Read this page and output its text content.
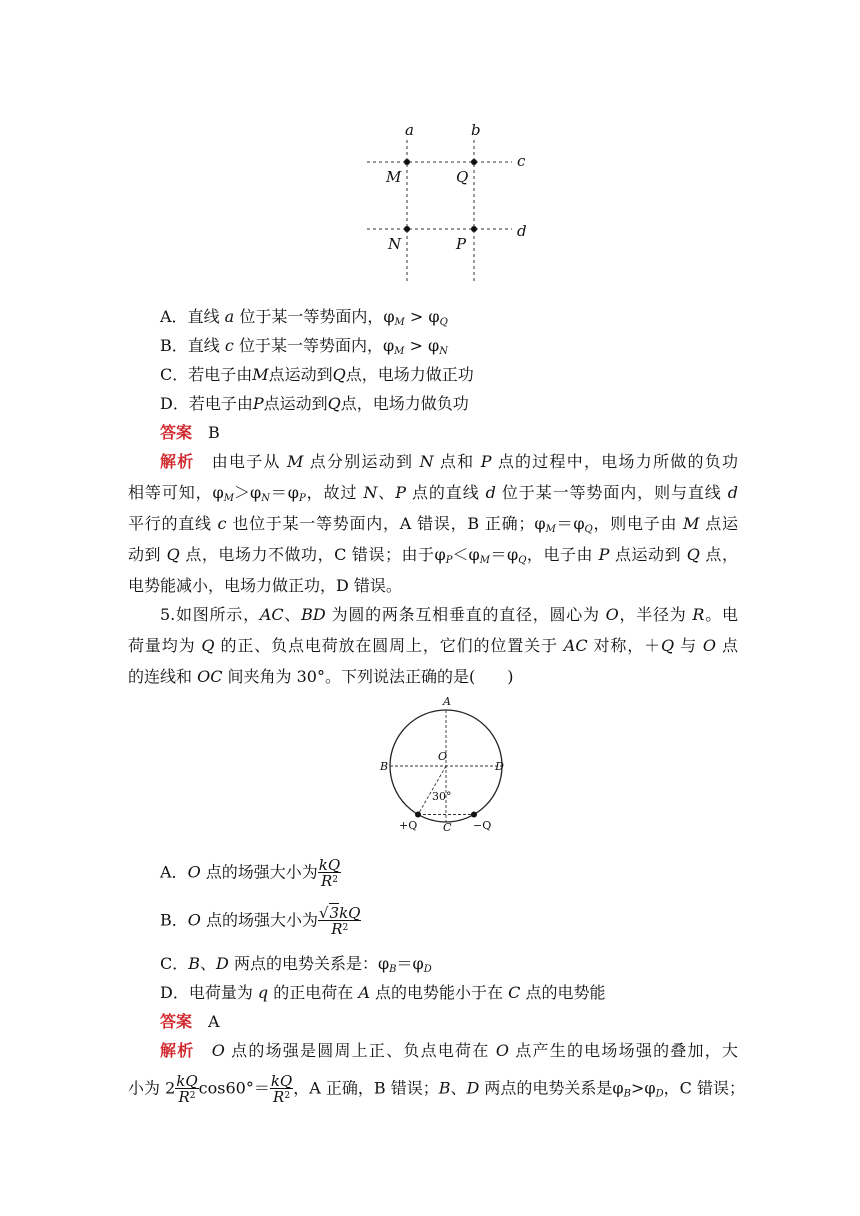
a	b
c
d
M	Q
N	P
A．直线 a 位于某一等势面内，$\varphi_M > \varphi_Q$
B．直线 c 位于某一等势面内，$\varphi_M > \varphi_N$
C．若电子由M点运动到Q点，电场力做正功
D．若电子由P点运动到Q点，电场力做负功
答案　 B
解析　由电子从 M 点分别运动到 N 点和 P 点的过程中，电场力所做的负功
相等可知，$\varphi_M>\varphi_N=\varphi_P$，故过 N、P 点的直线 d 位于某一等势面内，则与直线 d
平行的直线 c 也位于某一等势面内，A 错误，B 正确；$\varphi_M=\varphi_Q$，则电子由 M 点运
动到 Q 点，电场力不做功，C 错误；由于$\varphi_P<\varphi_M=\varphi_Q$，电子由 P 点运动到 Q 点，
电势能减小，电场力做正功，D 错误。
5.如图所示，AC、BD 为圆的两条互相垂直的直径，圆心为 O，半径为 R。电
荷量均为 Q 的正、负点电荷放在圆周上，它们的位置关于 AC 对称，＋Q 与 O 点
的连线和 OC 间夹角为 30°。下列说法正确的是(　　)
A
B	D
O
C
30°
+Q	−Q
A．O 点的场强大小为 $\frac{kQ}{R^2}$
B．O 点的场强大小为 $\frac{√3kQ}{R^2}$
C．B、D 两点的电势关系是：$\varphi_B=\varphi_D$
D．电荷量为 q 的正电荷在 A 点的电势能小于在 C 点的电势能
答案　 A
解析　 O 点的场强是圆周上正、负点电荷在 O 点产生的电场场强的叠加，大
小为 $2 \frac{kQ}{R^2} \cos 60^\circ= \frac{kQ}{R^2}$ ，A 正确，B 错误；B、D 两点的电势关系是$\varphi_B>\varphi_D$，C 错误；
